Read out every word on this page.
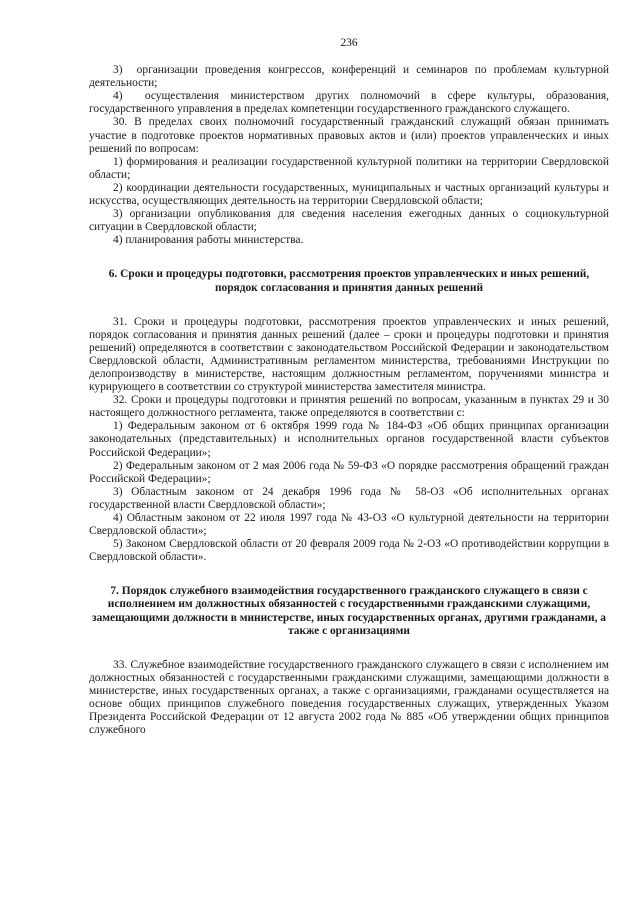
236

3)  организации проведения конгрессов, конференций и семинаров по проблемам культурной деятельности;

4)  осуществления министерством других полномочий в сфере культуры, образования, государственного управления в пределах компетенции государственного гражданского служащего.

30. В пределах своих полномочий государственный гражданский служащий обязан принимать участие в подготовке проектов нормативных правовых актов и (или) проектов управленческих и иных решений по вопросам:

1) формирования и реализации государственной культурной политики на территории Свердловской области;

2) координации деятельности государственных, муниципальных и частных организаций культуры и искусства, осуществляющих деятельность на территории Свердловской области;

3) организации опубликования для сведения населения ежегодных данных о социокультурной ситуации в Свердловской области;

4) планирования работы министерства.

6. Сроки и процедуры подготовки, рассмотрения проектов управленческих и иных решений, порядок согласования и принятия данных решений

31. Сроки и процедуры подготовки, рассмотрения проектов управленческих и иных решений, порядок согласования и принятия данных решений (далее – сроки и процедуры подготовки и принятия решений) определяются в соответствии с законодательством Российской Федерации и законодательством Свердловской области, Административным регламентом министерства, требованиями Инструкции по делопроизводству в министерстве, настоящим должностным регламентом, поручениями министра и курирующего в соответствии со структурой министерства заместителя министра.

32. Сроки и процедуры подготовки и принятия решений по вопросам, указанным в пунктах 29 и 30 настоящего должностного регламента, также определяются в соответствии с:

1) Федеральным законом от 6 октября 1999 года № 184-ФЗ «Об общих принципах организации законодательных (представительных) и исполнительных органов государственной власти субъектов Российской Федерации»;

2) Федеральным законом от 2 мая 2006 года № 59-ФЗ «О порядке рассмотрения обращений граждан Российской Федерации»;

3) Областным законом от 24 декабря 1996 года № 58-ОЗ «Об исполнительных органах государственной власти Свердловской области»;

4) Областным законом от 22 июля 1997 года № 43-ОЗ «О культурной деятельности на территории Свердловской области»;

5) Законом Свердловской области от 20 февраля 2009 года № 2-ОЗ «О противодействии коррупции в Свердловской области».

7. Порядок служебного взаимодействия государственного гражданского служащего в связи с исполнением им должностных обязанностей с государственными гражданскими служащими, замещающими должности в министерстве, иных государственных органах, другими гражданами, а также с организациями

33. Служебное взаимодействие государственного гражданского служащего в связи с исполнением им должностных обязанностей с государственными гражданскими служащими, замещающими должности в министерстве, иных государственных органах, а также с организациями, гражданами осуществляется на основе общих принципов служебного поведения государственных служащих, утвержденных Указом Президента Российской Федерации от 12 августа 2002 года № 885 «Об утверждении общих принципов служебного
